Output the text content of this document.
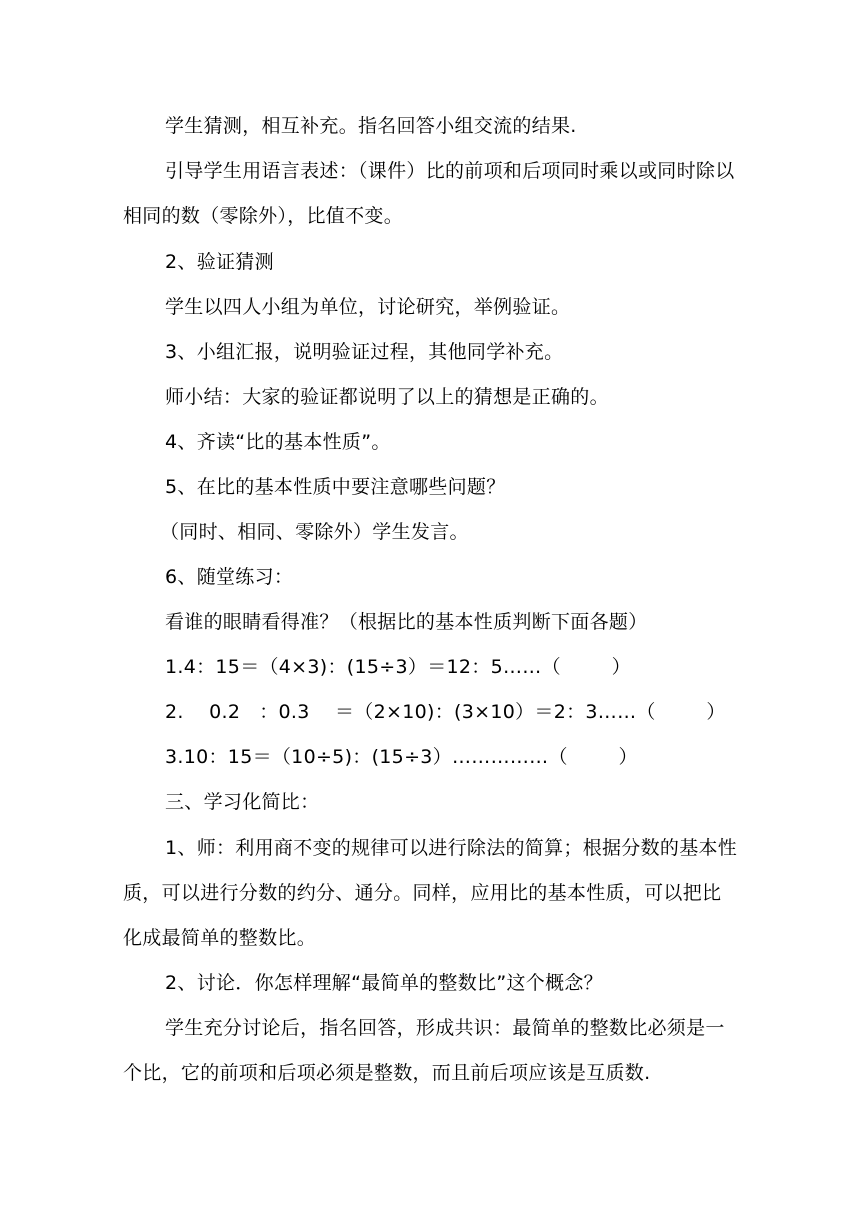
学生猜测，相互补充。指名回答小组交流的结果.
引导学生用语言表述：（课件）比的前项和后项同时乘以或同时除以
相同的数（零除外），比值不变。
2、验证猜测
学生以四人小组为单位，讨论研究，举例验证。
3、小组汇报，说明验证过程，其他同学补充。
师小结：大家的验证都说明了以上的猜想是正确的。
4、齐读“比的基本性质”。
5、在比的基本性质中要注意哪些问题？
（同时、相同、零除外）学生发言。
6、随堂练习：
看谁的眼睛看得准？（根据比的基本性质判断下面各题）
1.4：15＝（4×3)：(15÷3）＝12：5……（        ）
2.    0.2   ：0.3    ＝（2×10)：(3×10）＝2：3……（        ）
3.10：15＝（10÷5)：(15÷3）……………（        ）
三、学习化简比：
1、师：利用商不变的规律可以进行除法的简算；根据分数的基本性
质，可以进行分数的约分、通分。同样，应用比的基本性质，可以把比
化成最简单的整数比。
2、讨论．你怎样理解“最简单的整数比”这个概念？
学生充分讨论后，指名回答，形成共识：最简单的整数比必须是一
个比，它的前项和后项必须是整数，而且前后项应该是互质数.
